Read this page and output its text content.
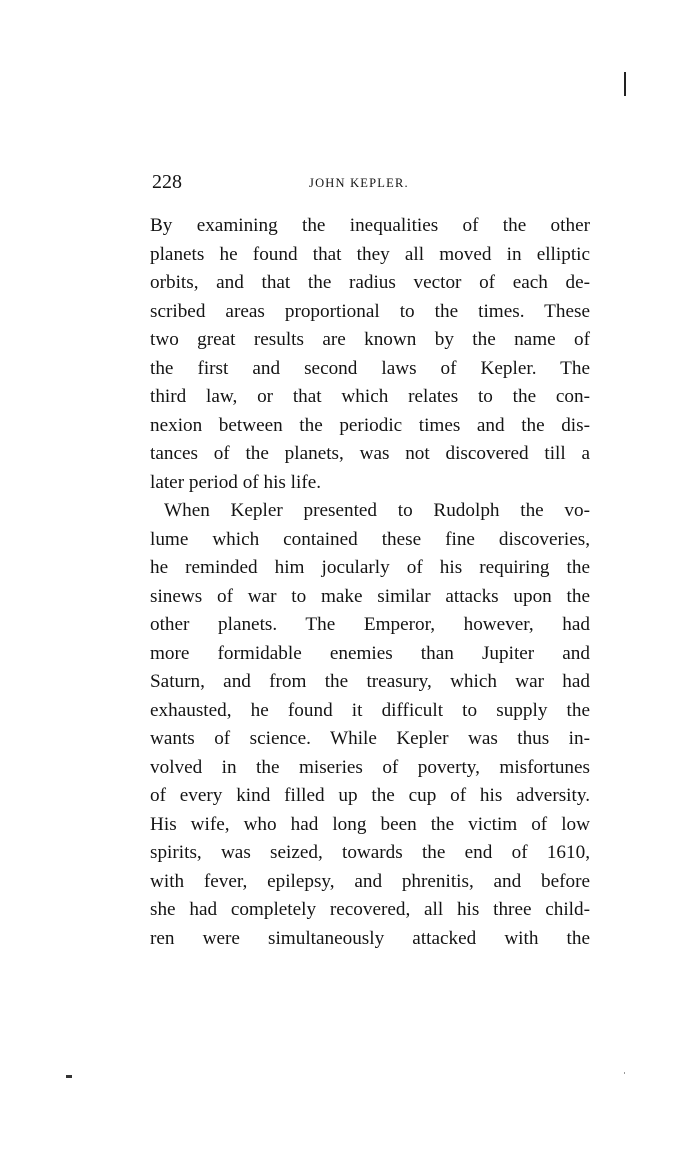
228	JOHN KEPLER.
By examining the inequalities of the other
planets he found that they all moved in elliptic
orbits, and that the radius vector of each de-
scribed areas proportional to the times. These
two great results are known by the name of
the first and second laws of Kepler. The
third law, or that which relates to the con-
nexion between the periodic times and the dis-
tances of the planets, was not discovered till a
later period of his life.
When Kepler presented to Rudolph the vo-
lume which contained these fine discoveries,
he reminded him jocularly of his requiring the
sinews of war to make similar attacks upon the
other planets. The Emperor, however, had
more formidable enemies than Jupiter and
Saturn, and from the treasury, which war had
exhausted, he found it difficult to supply the
wants of science. While Kepler was thus in-
volved in the miseries of poverty, misfortunes
of every kind filled up the cup of his adversity.
His wife, who had long been the victim of low
spirits, was seized, towards the end of 1610,
with fever, epilepsy, and phrenitis, and before
she had completely recovered, all his three child-
ren were simultaneously attacked with the
